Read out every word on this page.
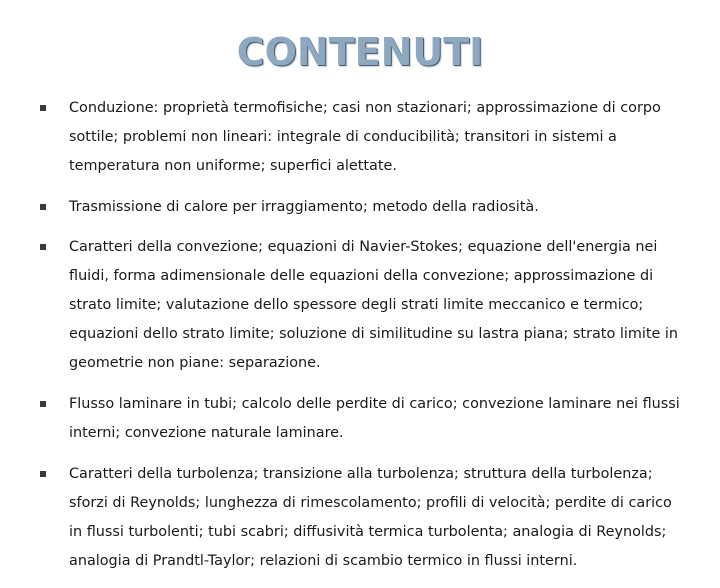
CONTENUTI
Conduzione: proprietà termofisiche; casi non stazionari; approssimazione di corpo sottile; problemi non lineari: integrale di conducibilità; transitori in sistemi a temperatura non uniforme; superfici alettate.
Trasmissione di calore per irraggiamento; metodo della radiosità.
Caratteri della convezione; equazioni di Navier-Stokes; equazione dell'energia nei fluidi, forma adimensionale delle equazioni della convezione; approssimazione di strato limite; valutazione dello spessore degli strati limite meccanico e termico; equazioni dello strato limite; soluzione di similitudine su lastra piana; strato limite in geometrie non piane: separazione.
Flusso laminare in tubi; calcolo delle perdite di carico; convezione laminare nei flussi interni; convezione naturale laminare.
Caratteri della turbolenza; transizione alla turbolenza; struttura della turbolenza; sforzi di Reynolds; lunghezza di rimescolamento; profili di velocità; perdite di carico in flussi turbolenti; tubi scabri; diffusività termica turbolenta; analogia di Reynolds; analogia di Prandtl-Taylor; relazioni di scambio termico in flussi interni.
